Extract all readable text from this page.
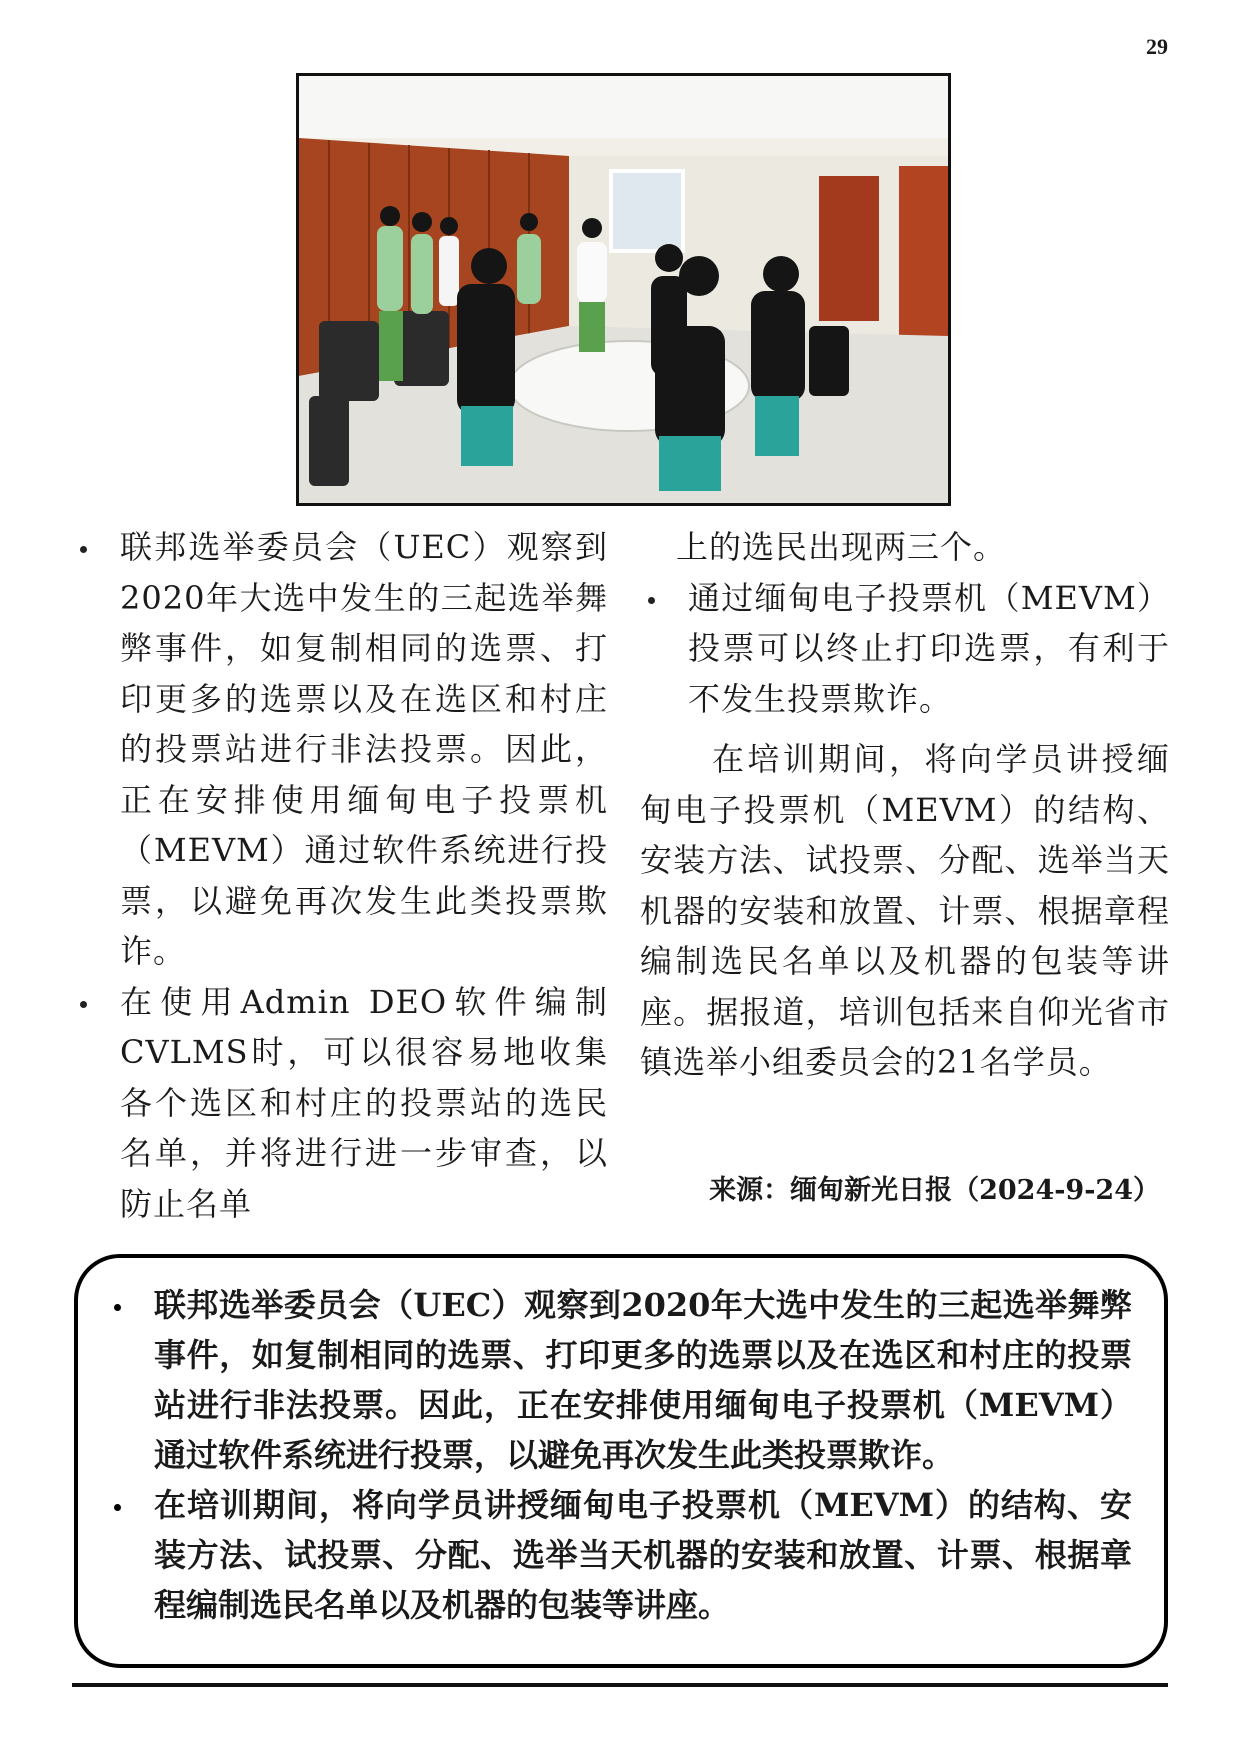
29

联邦选举委员会（UEC）观察到2020年大选中发生的三起选举舞弊事件，如复制相同的选票、打印更多的选票以及在选区和村庄的投票站进行非法投票。因此，正在安排使用缅甸电子投票机（MEVM）通过软件系统进行投票，以避免再次发生此类投票欺诈。

在使用Admin DEO软件编制CVLMS时，可以很容易地收集各个选区和村庄的投票站的选民名单，并将进行进一步审查，以防止名单

上的选民出现两三个。

通过缅甸电子投票机（MEVM）投票可以终止打印选票，有利于不发生投票欺诈。

在培训期间，将向学员讲授缅甸电子投票机（MEVM）的结构、安装方法、试投票、分配、选举当天机器的安装和放置、计票、根据章程编制选民名单以及机器的包装等讲座。据报道，培训包括来自仰光省市镇选举小组委员会的21名学员。

来源：缅甸新光日报（2024-9-24）
联邦选举委员会（UEC）观察到2020年大选中发生的三起选举舞弊事件，如复制相同的选票、打印更多的选票以及在选区和村庄的投票站进行非法投票。因此，正在安排使用缅甸电子投票机（MEVM）通过软件系统进行投票，以避免再次发生此类投票欺诈。
在培训期间，将向学员讲授缅甸电子投票机（MEVM）的结构、安装方法、试投票、分配、选举当天机器的安装和放置、计票、根据章程编制选民名单以及机器的包装等讲座。
